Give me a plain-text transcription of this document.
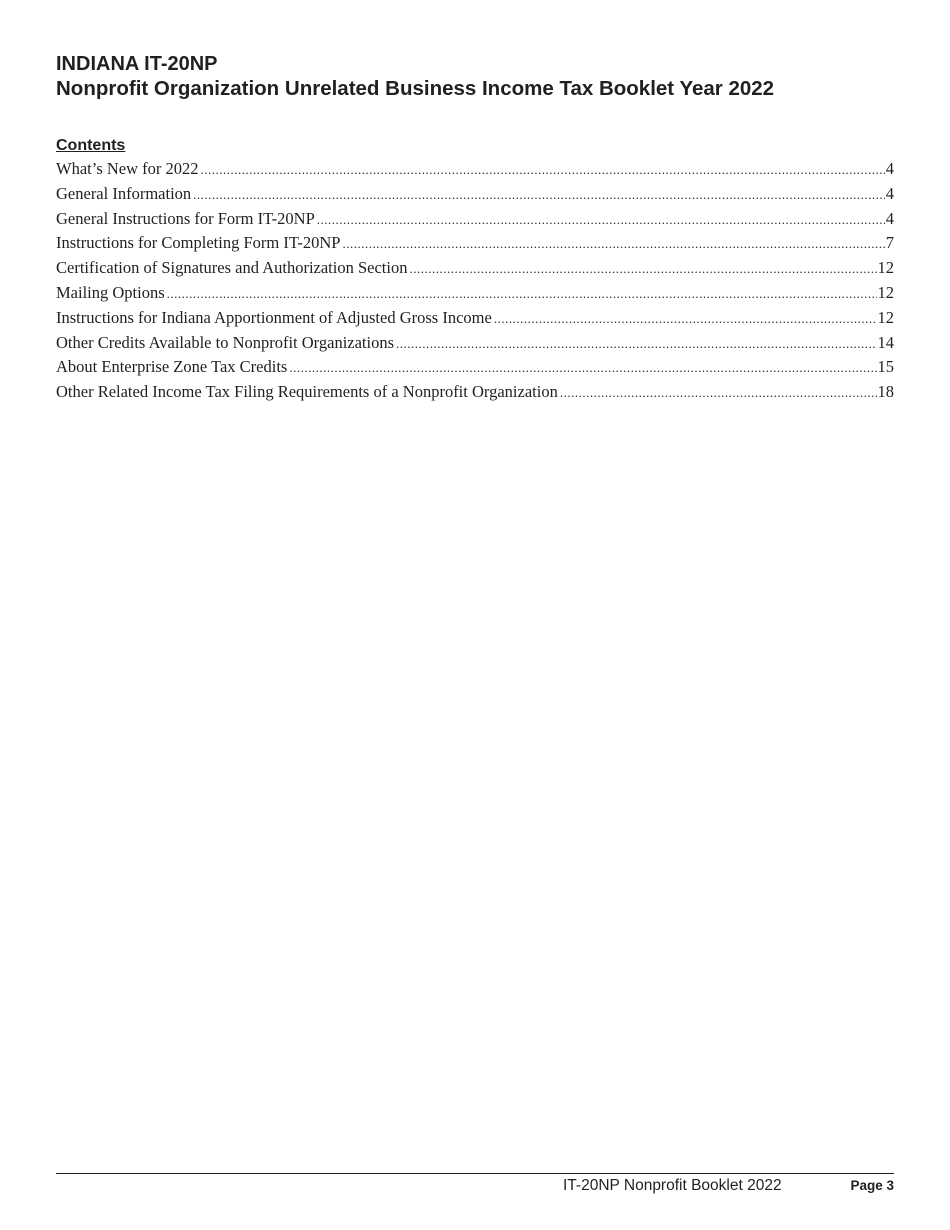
INDIANA IT-20NP
Nonprofit Organization Unrelated Business Income Tax Booklet Year 2022
Contents
What’s New for 2022 .....	4
General Information .....	4
General Instructions for Form IT-20NP .....	4
Instructions for Completing Form IT-20NP .....	7
Certification of Signatures and Authorization Section .....	12
Mailing Options .....	12
Instructions for Indiana Apportionment of Adjusted Gross Income .....	12
Other Credits Available to Nonprofit Organizations .....	14
About Enterprise Zone Tax Credits .....	15
Other Related Income Tax Filing Requirements of a Nonprofit Organization .....	18
IT-20NP Nonprofit Booklet 2022	Page 3
